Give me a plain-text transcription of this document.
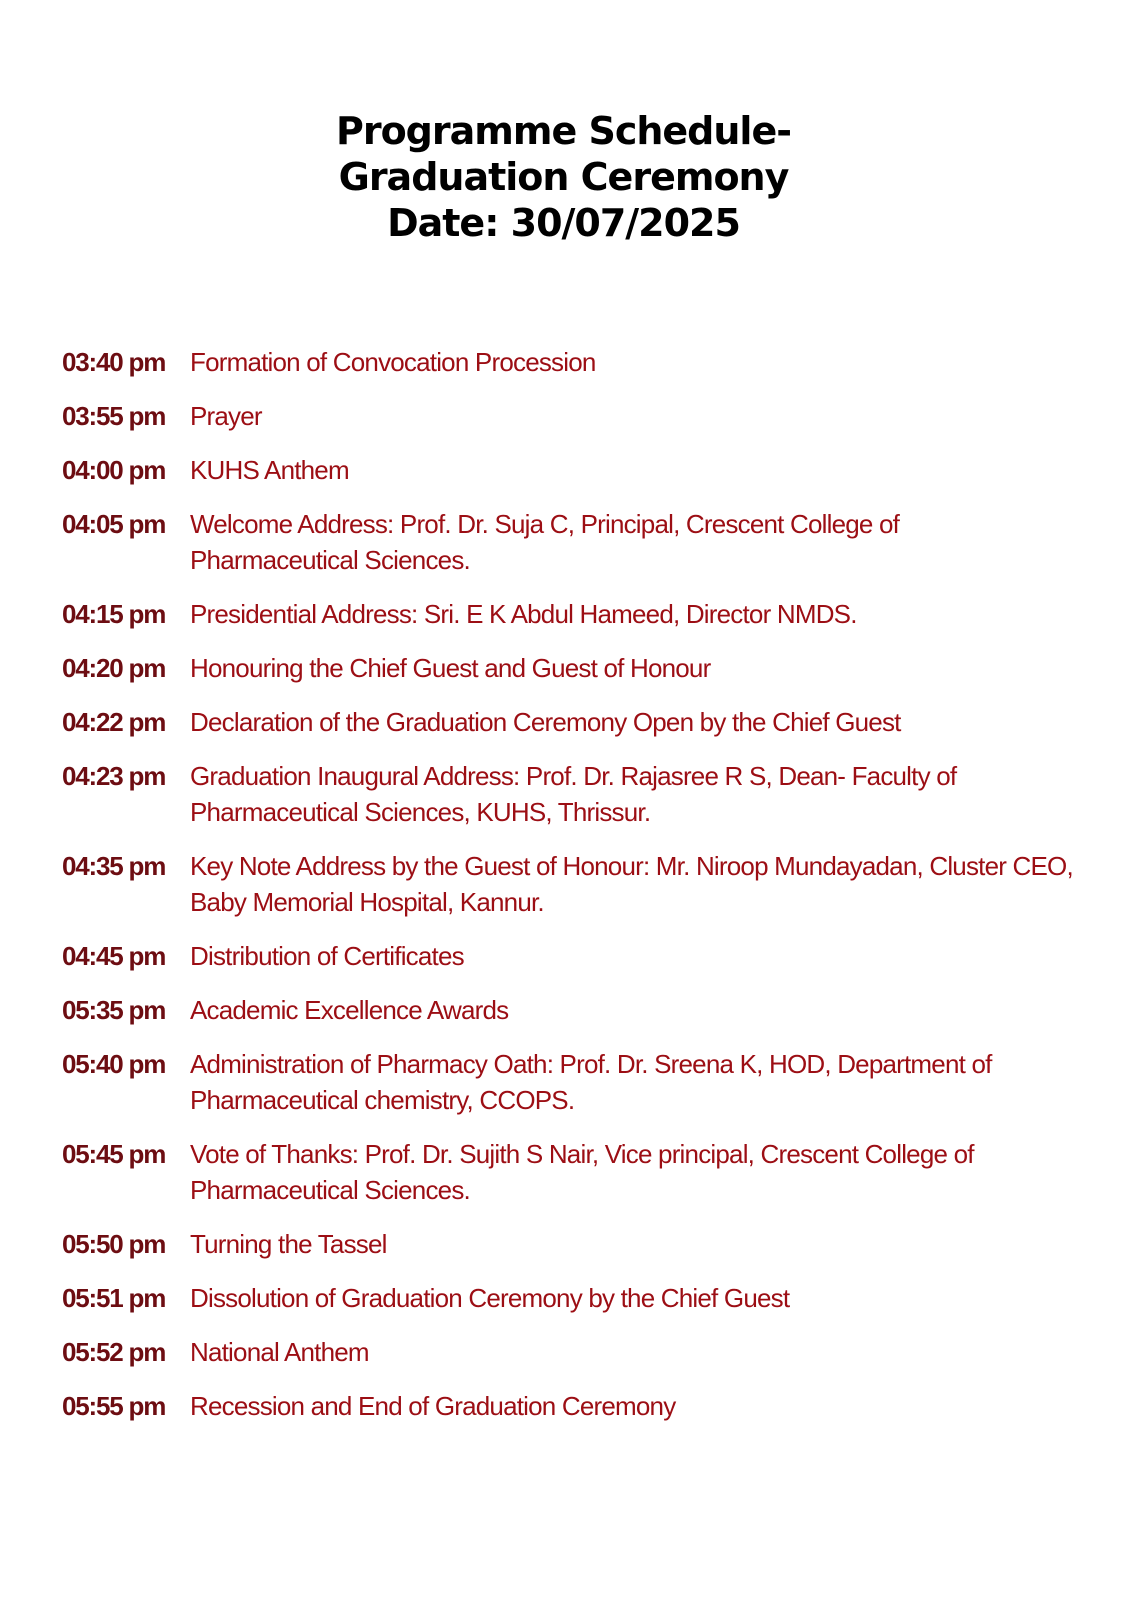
Programme Schedule-
Graduation Ceremony
Date: 30/07/2025
03:40 pm Formation of Convocation Procession
03:55 pm Prayer
04:00 pm KUHS Anthem
04:05 pm Welcome Address: Prof. Dr. Suja C, Principal, Crescent College of
Pharmaceutical Sciences.
04:15 pm Presidential Address: Sri. E K Abdul Hameed, Director NMDS.
04:20 pm Honouring the Chief Guest and Guest of Honour
04:22 pm Declaration of the Graduation Ceremony Open by the Chief Guest
04:23 pm Graduation Inaugural Address: Prof. Dr. Rajasree R S, Dean- Faculty of
Pharmaceutical Sciences, KUHS, Thrissur.
04:35 pm Key Note Address by the Guest of Honour: Mr. Niroop Mundayadan, Cluster CEO,
Baby Memorial Hospital, Kannur.
04:45 pm Distribution of Certificates
05:35 pm Academic Excellence Awards
05:40 pm Administration of Pharmacy Oath: Prof. Dr. Sreena K, HOD, Department of
Pharmaceutical chemistry, CCOPS.
05:45 pm Vote of Thanks: Prof. Dr. Sujith S Nair, Vice principal, Crescent College of
Pharmaceutical Sciences.
05:50 pm Turning the Tassel
05:51 pm Dissolution of Graduation Ceremony by the Chief Guest
05:52 pm National Anthem
05:55 pm Recession and End of Graduation Ceremony
